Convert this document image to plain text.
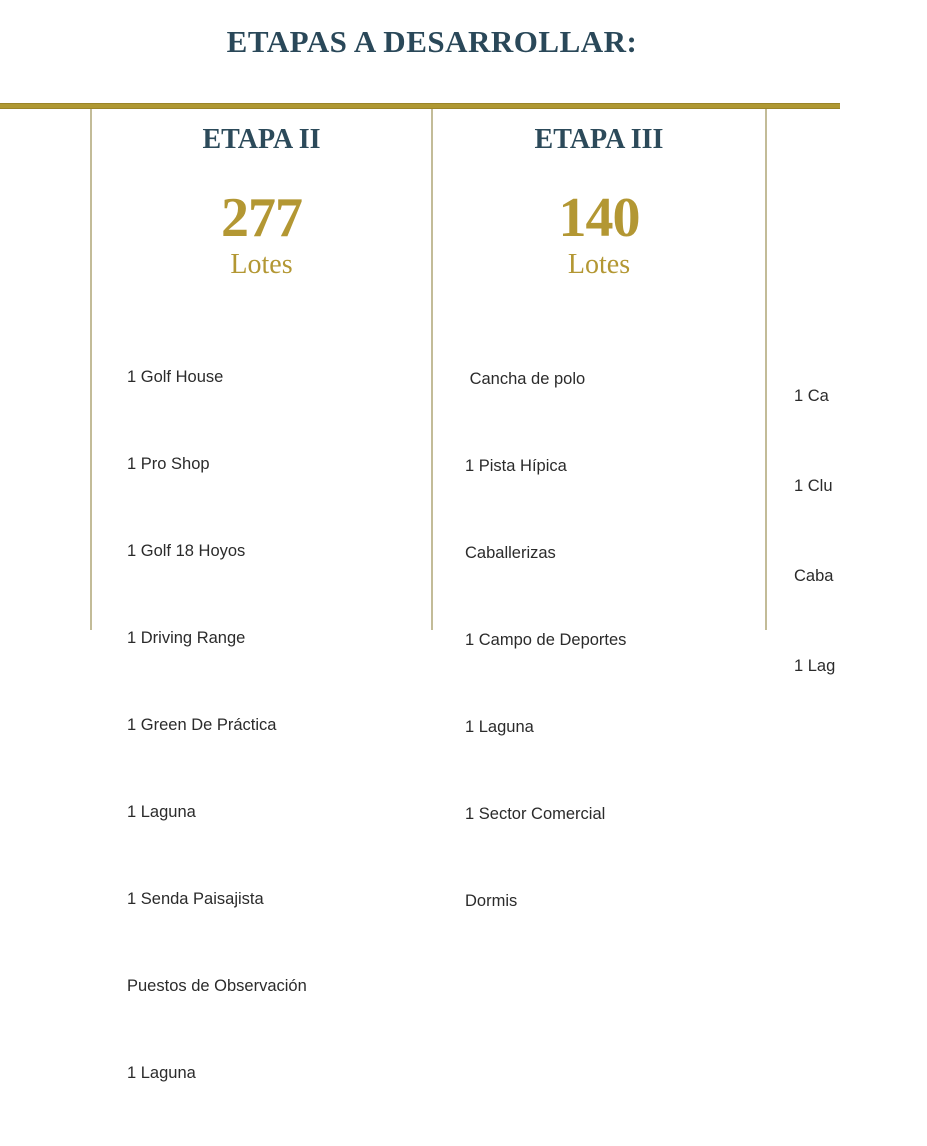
ETAPAS A DESARROLLAR:
ETAPA II
277
Lotes

1 Golf House

1 Pro Shop

1 Golf 18 Hoyos

1 Driving Range

1 Green De Práctica

1 Laguna

1 Senda Paisajista

Puestos de Observación

1 Laguna

ETAPA III
140
Lotes

Cancha de polo

1 Pista Hípica

Caballerizas

1 Campo de Deportes

1 Laguna

1 Sector Comercial

Dormis

1 Ca

1 Clu

Caba

1 Lag
